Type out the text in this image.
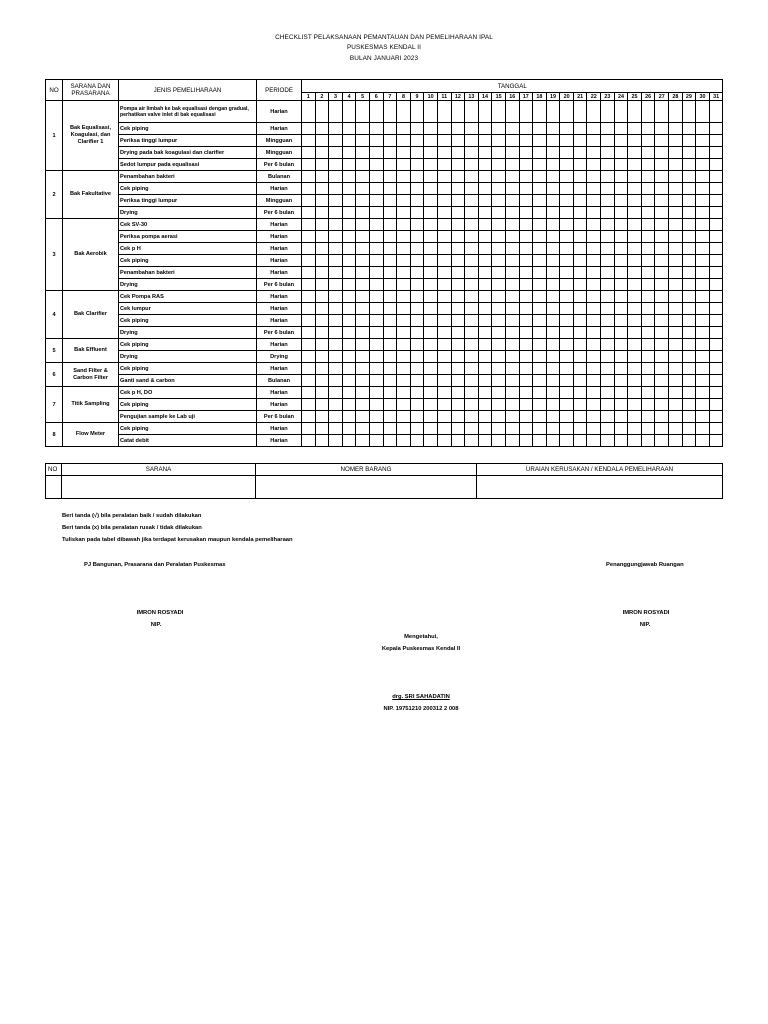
CHECKLIST PELAKSANAAN PEMANTAUAN DAN PEMELIHARAAN IPAL
PUSKESMAS KENDAL II
BULAN JANUARI 2023
NO	SARANA DAN PRASARANA	JENIS PEMELIHARAAN	PERIODE	TANGGAL																														
				1	2	3	4	5	6	7	8	9	10	11	12	13	14	15	16	17	18	19	20	21	22	23	24	25	26	27	28	29	30	31
1	Bak Equalisasi, Koagulasi, dan Clarifier 1	Pompa air limbah ke bak equalisasi dengan gradual, perhatikan valve inlet di bak equalisasi	Harian																															
		Cek piping	Harian																															
		Periksa tinggi lumpur	Mingguan																															
		Drying pada bak koagulasi dan clarifier	Mingguan																															
		Sedot lumpur pada equalisasi	Per 6 bulan																															
2	Bak Fakultative	Penambahan bakteri	Bulanan																															
		Cek piping	Harian																															
		Periksa tinggi lumpur	Mingguan																															
		Drying	Per 6 bulan																															
3	Bak Aerobik	Cek SV-30	Harian																															
		Periksa pompa aerasi	Harian																															
		Cek p H	Harian																															
		Cek piping	Harian																															
		Penambahan bakteri	Harian																															
		Drying	Per 6 bulan																															
4	Bak Clarifier	Cek Pompa RAS	Harian																															
		Cek lumpur	Harian																															
		Cek piping	Harian																															
		Drying	Per 6 bulan																															
5	Bak Effluent	Cek piping	Harian																															
		Drying	Drying																															
6	Sand Filter & Carbon Filter	Cek piping	Harian																															
		Ganti sand & carbon	Bulanan																															
7	Titik Sampling	Cek p H, DO	Harian																															
		Cek piping	Harian																															
		Pengujian sample ke Lab uji	Per 6 bulan																															
8	Flow Meter	Cek piping	Harian																															
		Catat debit	Harian																															
NO	SARANA	NOMER BARANG	URAIAN KERUSAKAN / KENDALA PEMELIHARAAN

Beri tanda (√) bila peralatan baik / sudah dilakukan
Beri tanda (x) bila peralatan rusak / tidak dilakukan
Tuliskan pada tabel dibawah jika terdapat kerusakan maupun kendala pemeliharaan
PJ Bangunan, Prasarana dan Peralatan Puskesmas	Penanggungjawab Ruangan
IMRON ROSYADI
NIP.
IMRON ROSYADI
NIP.
Mengetahui,
Kepala Puskesmas Kendal II
drg. SRI SAHADATIN
NIP. 19751210 200312 2 008
